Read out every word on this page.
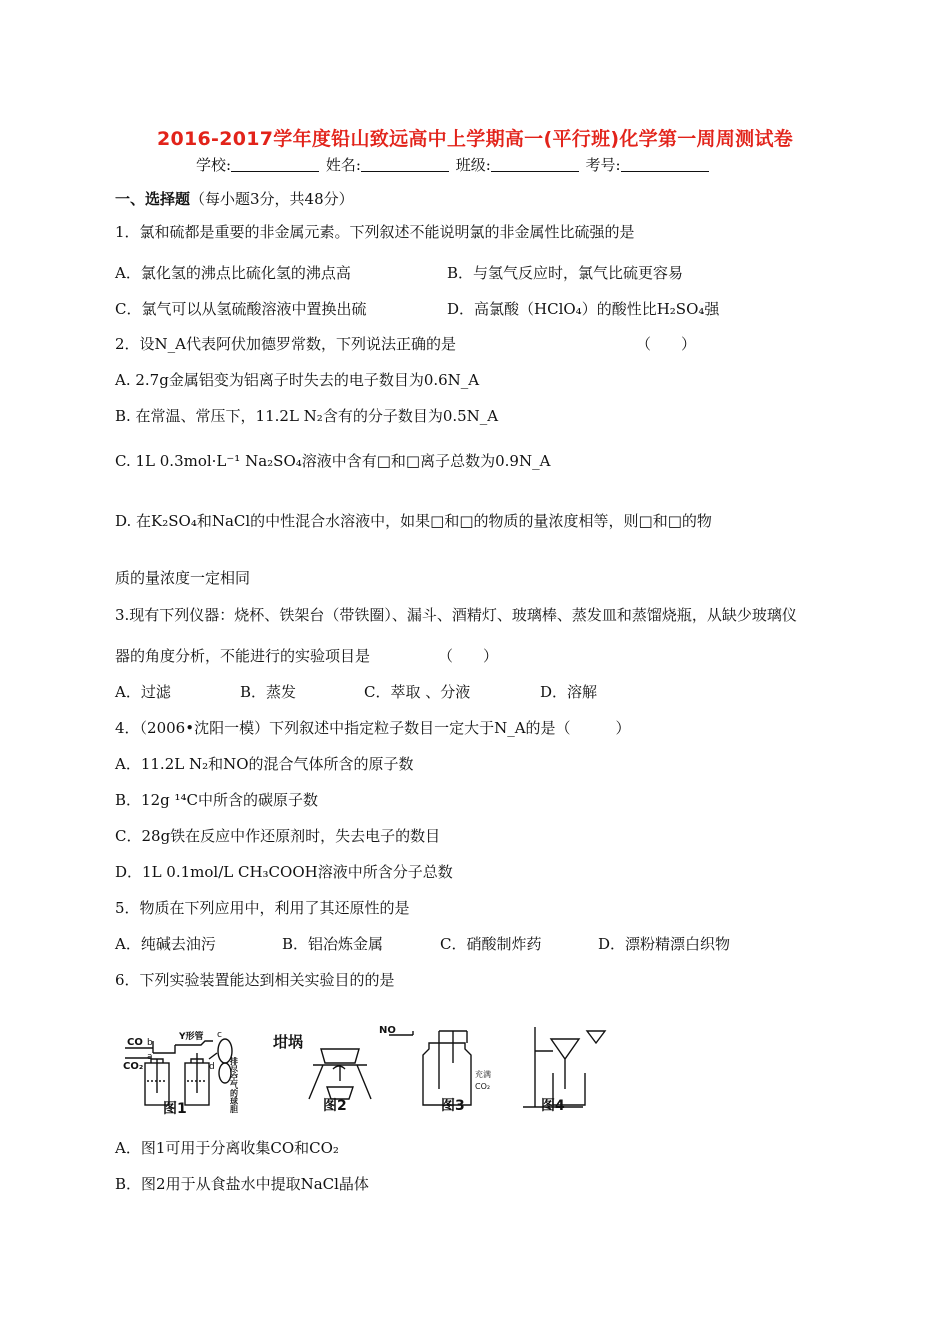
2016-2017学年度铅山致远高中上学期高一(平行班)化学第一周周测试卷
学校:	姓名:	班级:	考号:
一、选择题（每小题3分，共48分）
1．氯和硫都是重要的非金属元素。下列叙述不能说明氯的非金属性比硫强的是
A．氯化氢的沸点比硫化氢的沸点高	B．与氢气反应时，氯气比硫更容易
C．氯气可以从氢硫酸溶液中置换出硫	D．高氯酸（HClO₄）的酸性比H₂SO₄强
2．设N_A代表阿伏加德罗常数，下列说法正确的是	（　　）
A. 2.7g金属铝变为铝离子时失去的电子数目为0.6N_A
B. 在常温、常压下，11.2L N₂含有的分子数目为0.5N_A
C. 1L 0.3mol·L⁻¹ Na₂SO₄溶液中含有□和□离子总数为0.9N_A
D. 在K₂SO₄和NaCl的中性混合水溶液中，如果□和□的物质的量浓度相等，则□和□的物
质的量浓度一定相同
3.现有下列仪器：烧杯、铁架台（带铁圈）、漏斗、酒精灯、玻璃棒、蒸发皿和蒸馏烧瓶，从缺少玻璃仪
器的角度分析，不能进行的实验项目是	（　　）
A．过滤	B．蒸发	C．萃取 、分液	D．溶解
4．（2006•沈阳一模）下列叙述中指定粒子数目一定大于N_A的是（　　　）
A．11.2L N₂和NO的混合气体所含的原子数
B．12g ¹⁴C中所含的碳原子数
C．28g铁在反应中作还原剂时，失去电子的数目
D．1L 0.1mol/L CH₃COOH溶液中所含分子总数
5．物质在下列应用中，利用了其还原性的是
A．纯碱去油污	B．铝冶炼金属	C．硝酸制炸药	D．漂粉精漂白织物
6．下列实验装置能达到相关实验目的的是
CO
CO₂
b
a
Y形管 c
d 排尽空气的球胆
坩埚
NO
充满
CO₂
图1	图2	图3	图4
A．图1可用于分离收集CO和CO₂
B．图2用于从食盐水中提取NaCl晶体
